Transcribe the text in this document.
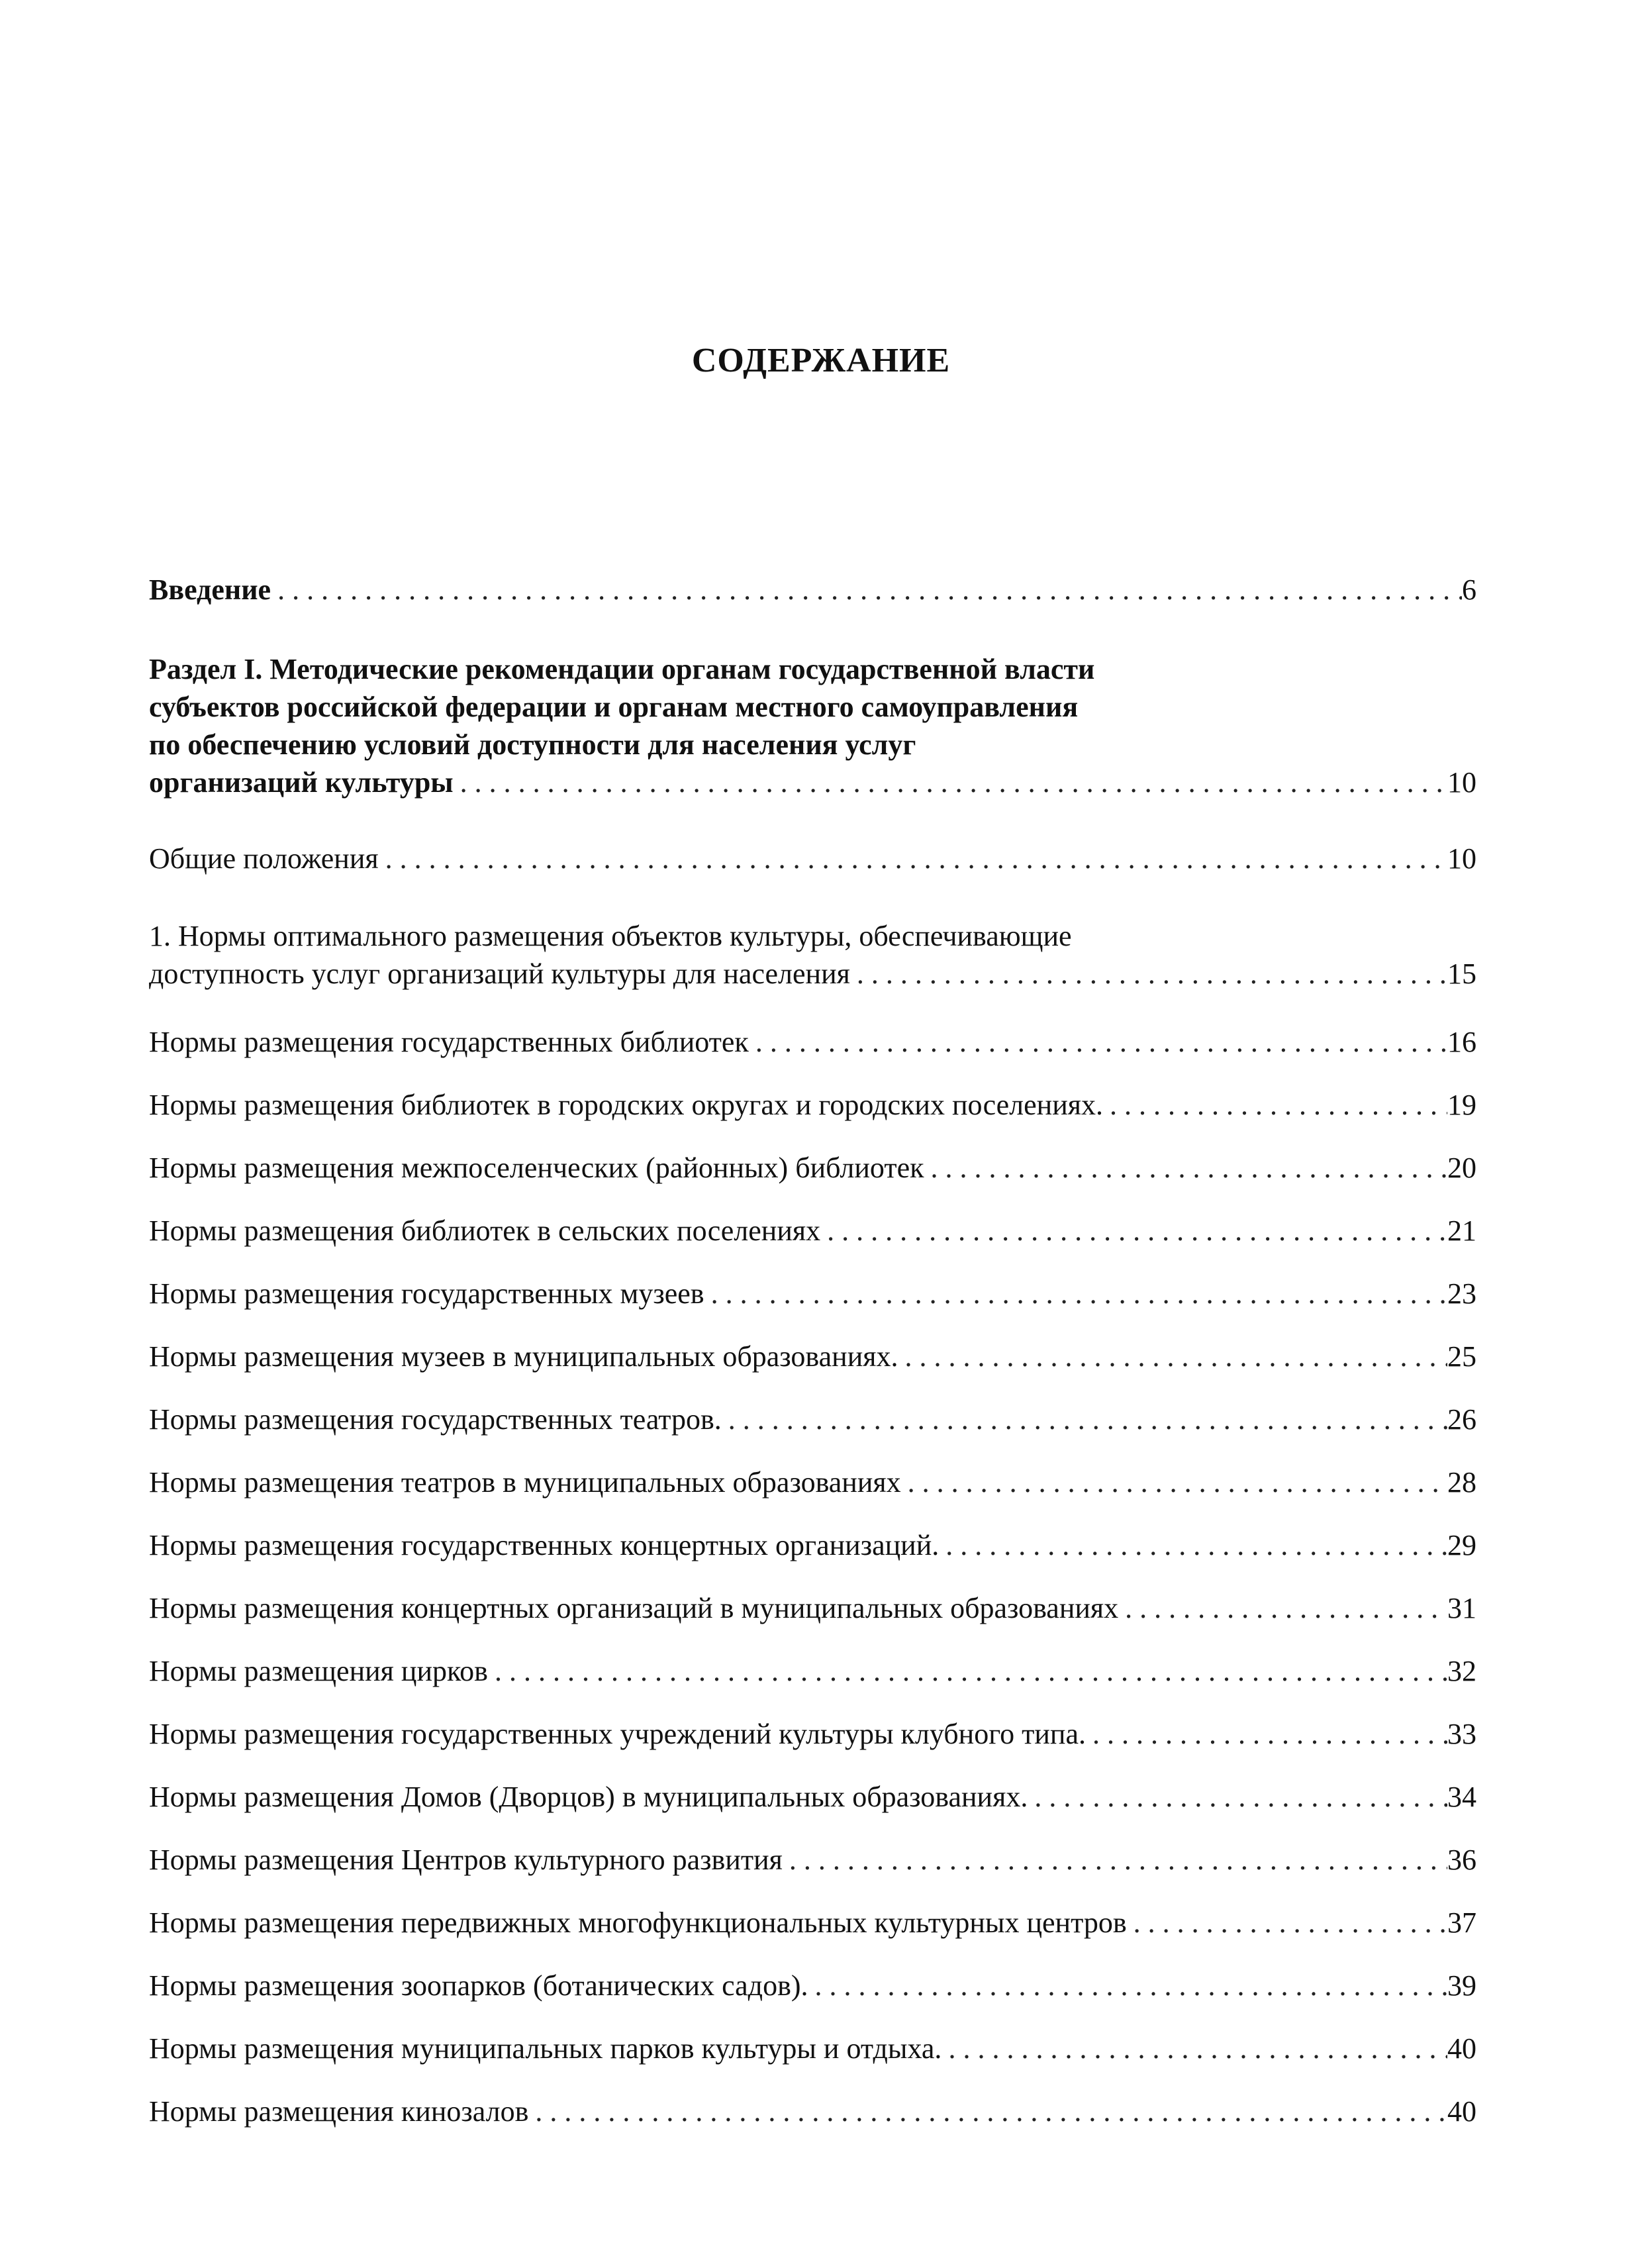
СОДЕРЖАНИЕ
Введение . . .	6
Раздел I. Методические рекомендации органам государственной власти
субъектов российской федерации и органам местного самоуправления
по обеспечению условий доступности для населения услуг
организаций культуры . . .	10
Общие положения . . .	10
1. Нормы оптимального размещения объектов культуры, обеспечивающие
доступность услуг организаций культуры для населения . . .	15
Нормы размещения государственных библиотек . . .	16
Нормы размещения библиотек в городских округах и городских поселениях. . . .	19
Нормы размещения межпоселенческих (районных) библиотек . . .	20
Нормы размещения библиотек в сельских поселениях . . .	21
Нормы размещения государственных музеев . . .	23
Нормы размещения музеев в муниципальных образованиях. . . .	25
Нормы размещения государственных театров. . . .	26
Нормы размещения театров в муниципальных образованиях . . .	28
Нормы размещения государственных концертных организаций. . . .	29
Нормы размещения концертных организаций в муниципальных образованиях . . .	31
Нормы размещения цирков . . .	32
Нормы размещения государственных учреждений культуры клубного типа. . . .	33
Нормы размещения Домов (Дворцов) в муниципальных образованиях. . . .	34
Нормы размещения Центров культурного развития . . .	36
Нормы размещения передвижных многофункциональных культурных центров . . .	37
Нормы размещения зоопарков (ботанических садов). . . .	39
Нормы размещения муниципальных парков культуры и отдыха. . . .	40
Нормы размещения кинозалов . . .	40
